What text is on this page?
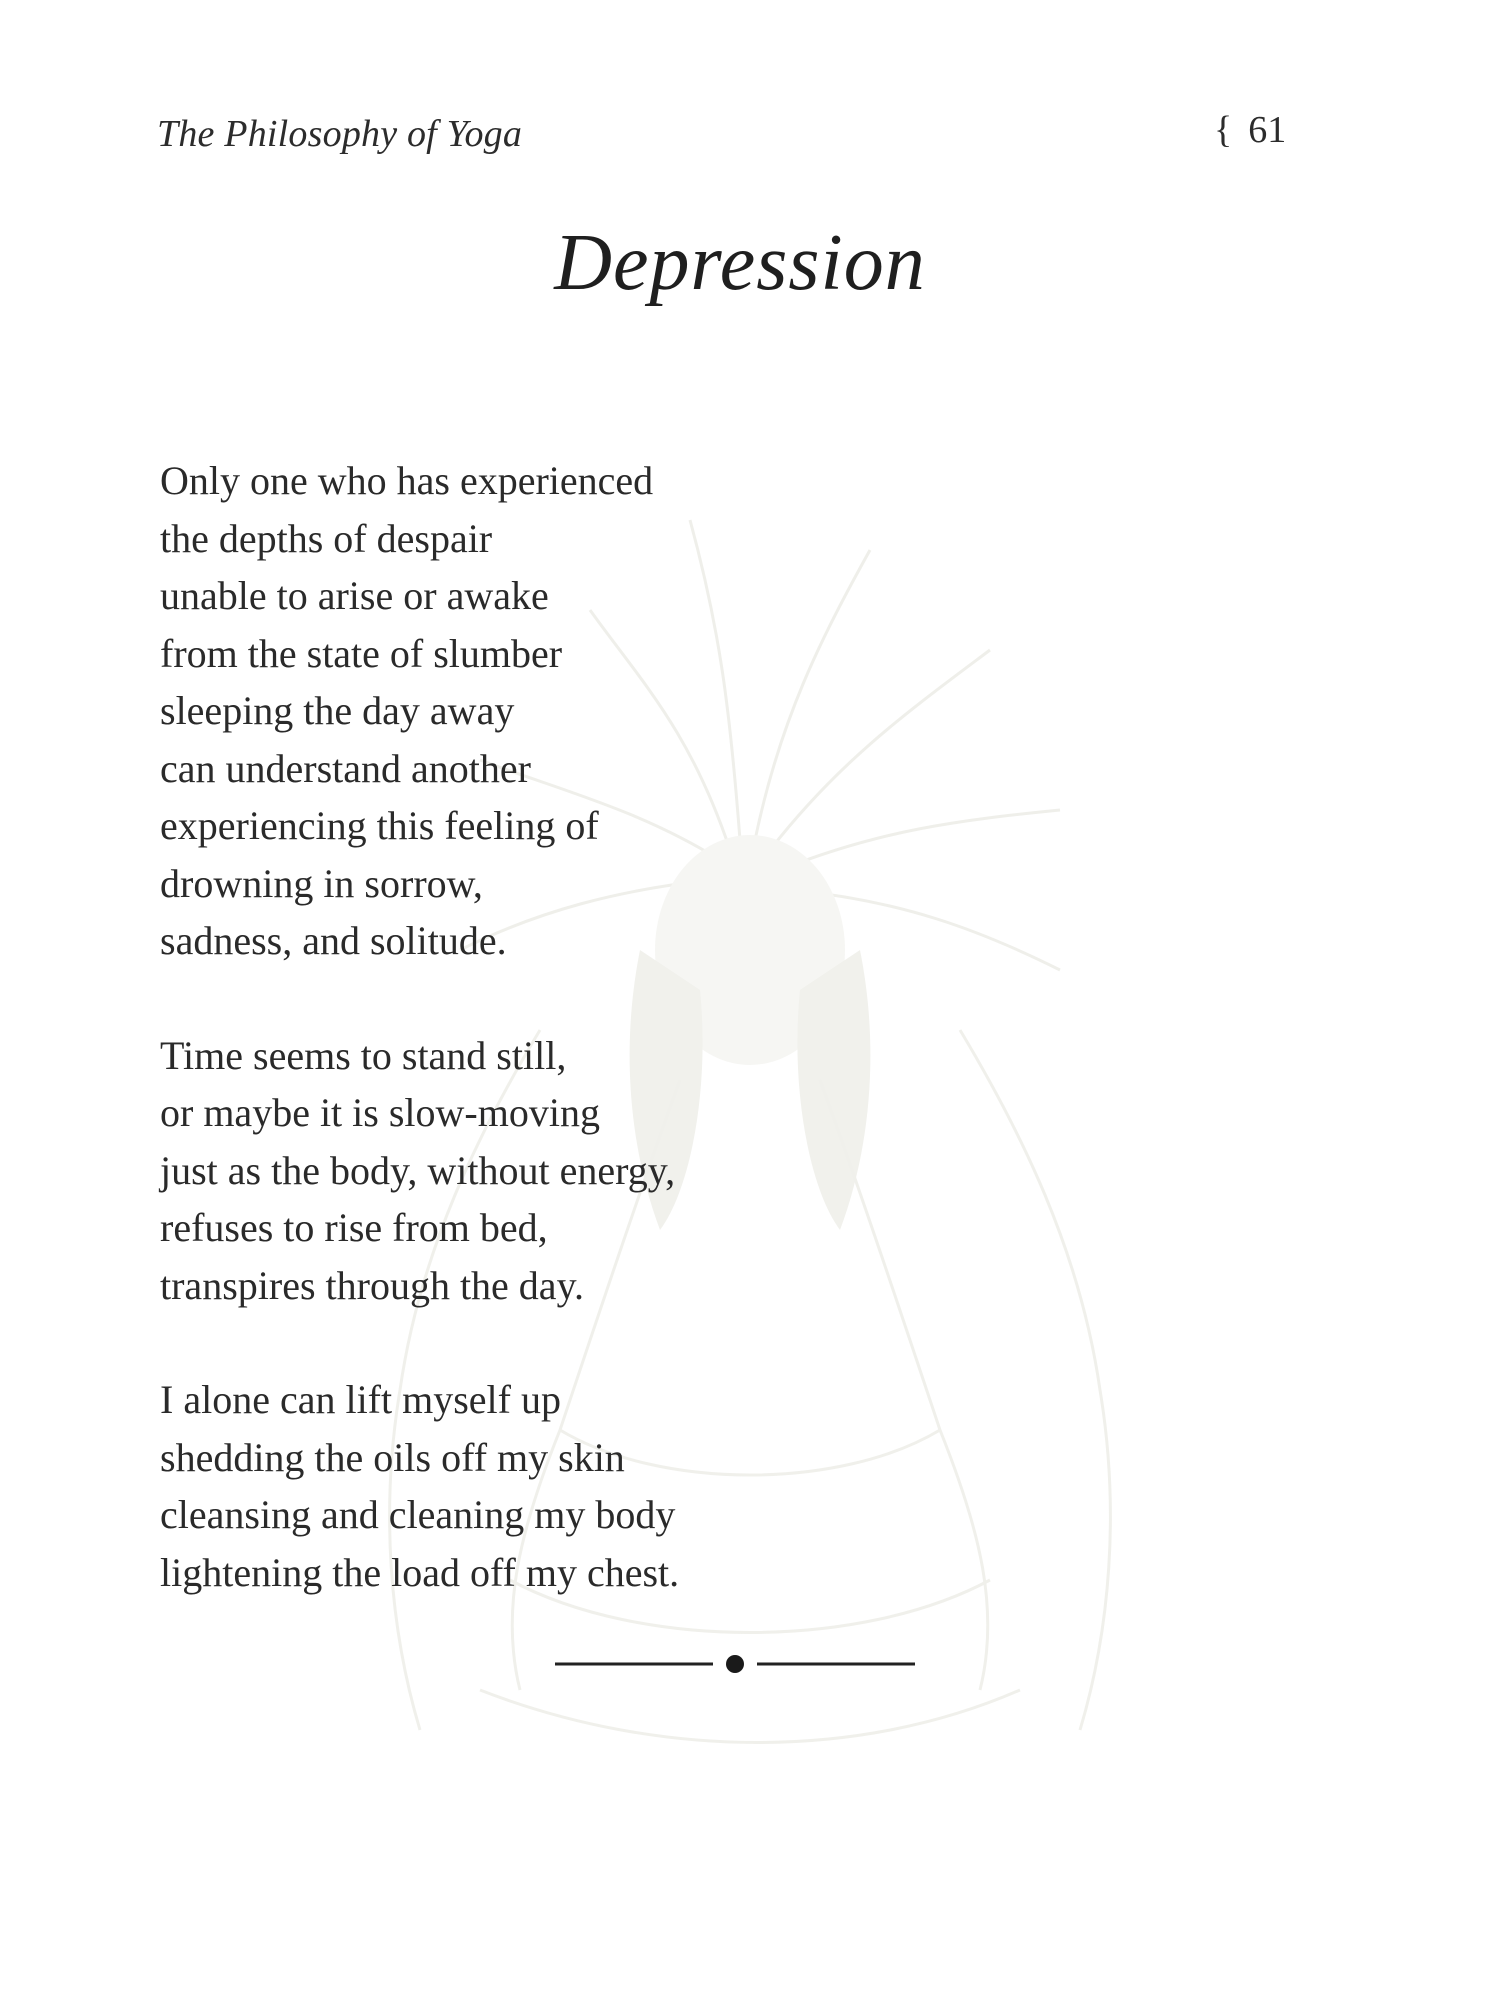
The Philosophy of Yoga	{ 61
Depression
Only one who has experienced
the depths of despair
unable to arise or awake
from the state of slumber
sleeping the day away
can understand another
experiencing this feeling of
drowning in sorrow,
sadness, and solitude.
Time seems to stand still,
or maybe it is slow-moving
just as the body, without energy,
refuses to rise from bed,
transpires through the day.
I alone can lift myself up
shedding the oils off my skin
cleansing and cleaning my body
lightening the load off my chest.
